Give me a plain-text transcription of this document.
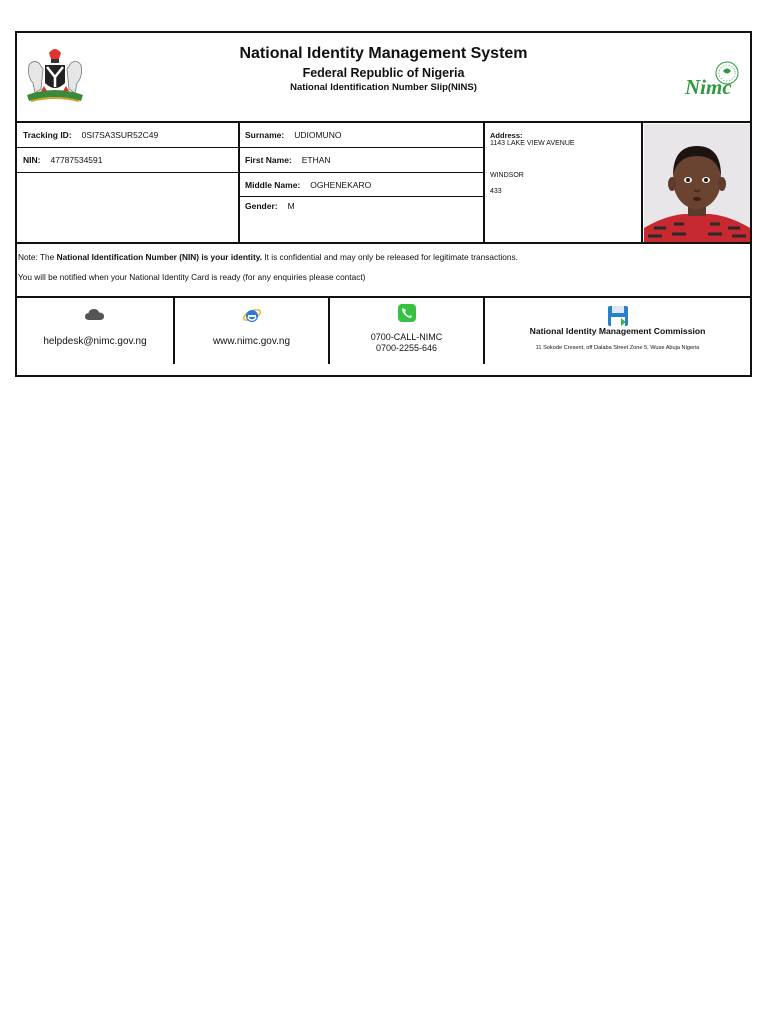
National Identity Management System
Federal Republic of Nigeria
National Identification Number Slip(NINS)	Nimc
Tracking ID: 0SI7SA3SUR52C49
NIN: 47787534591
Surname: UDIOMUNO
First Name: ETHAN
Middle Name: OGHENEKARO
Gender: M
Address:
1143 LAKE VIEW AVENUE
WINDSOR
433
Note: The National Identification Number (NIN) is your identity. It is confidential and may only be released for legitimate transactions.
You will be notified when your National Identity Card is ready (for any enquiries please contact)
helpdesk@nimc.gov.ng	www.nimc.gov.ng	0700-CALL-NIMC
0700-2255-646
National Identity Management Commission
11 Sokode Cresent, off Dalaba Street Zone 5, Wuse Abuja Nigeria
